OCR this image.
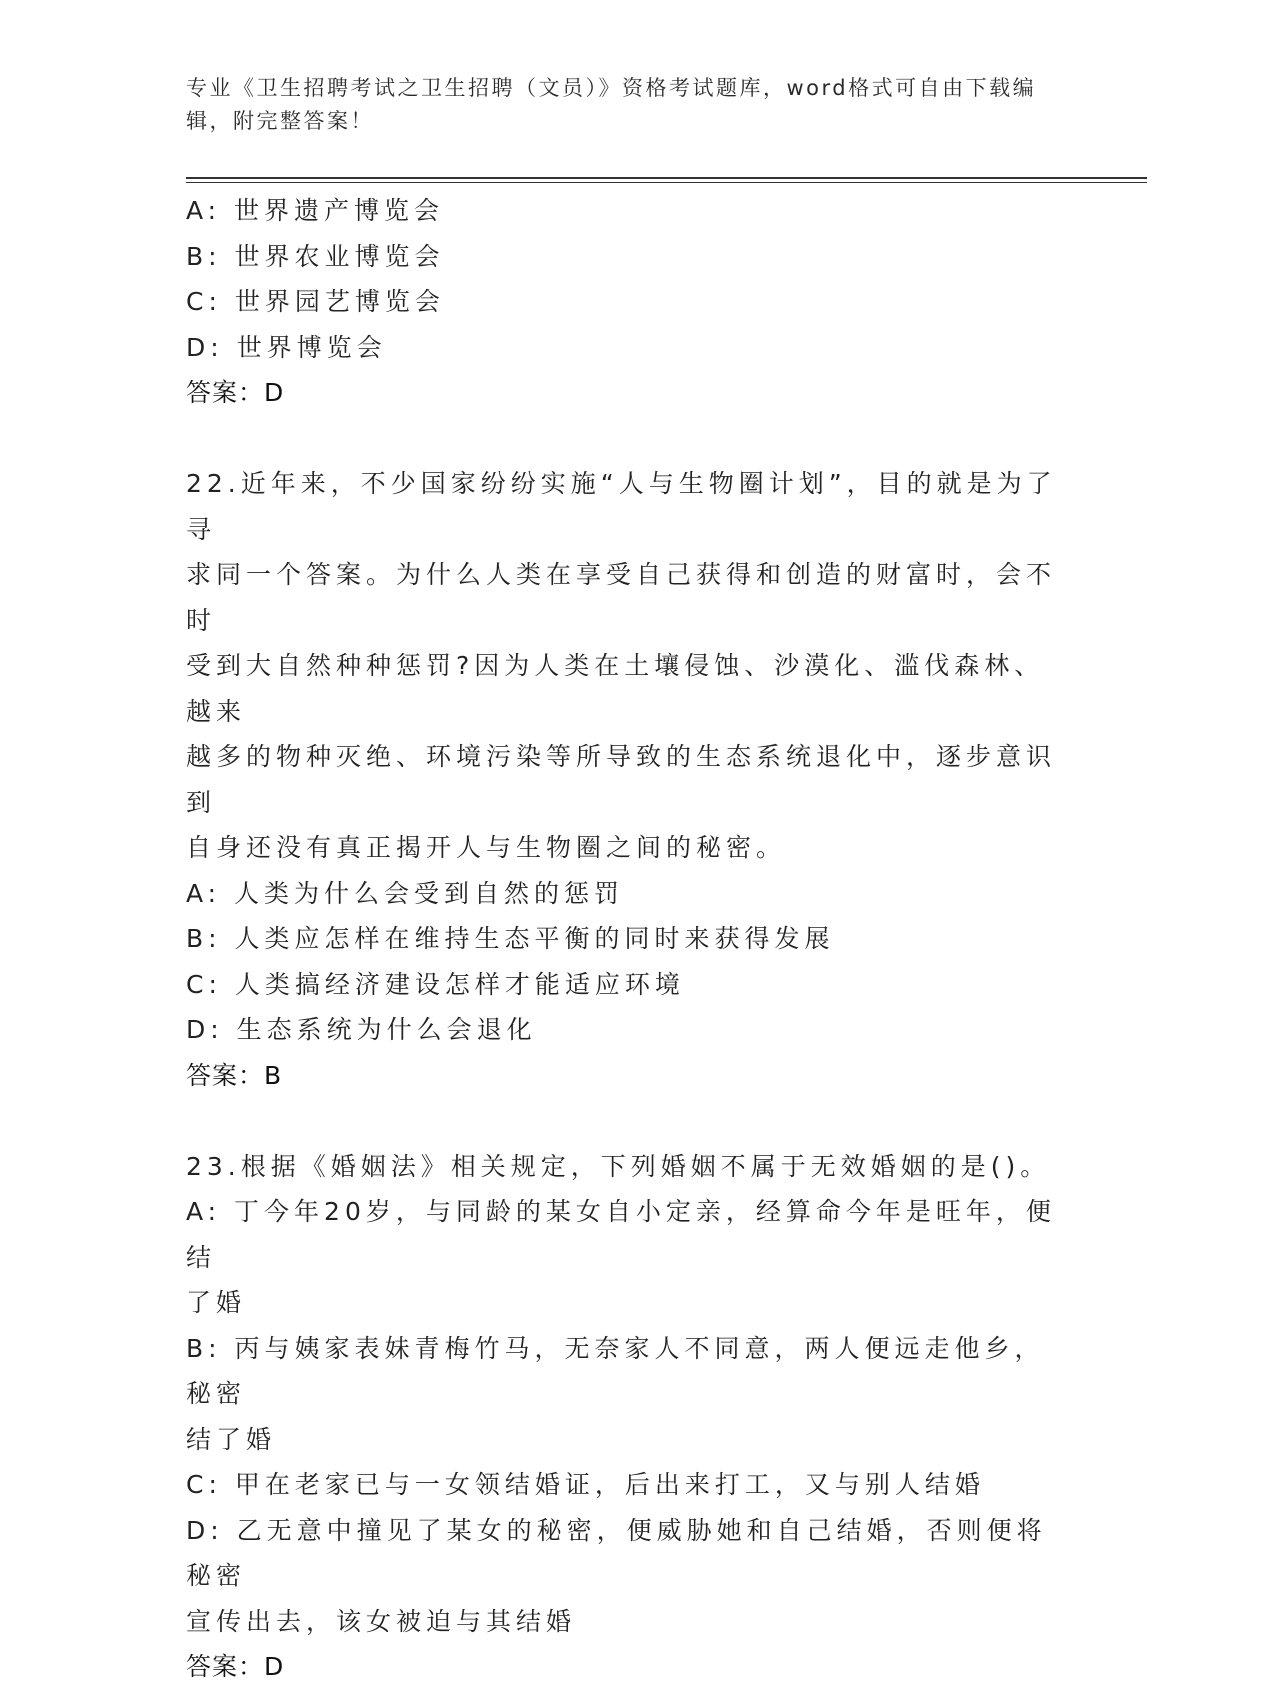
专业《卫生招聘考试之卫生招聘（文员）》资格考试题库，word格式可自由下载编辑，附完整答案！
A: 世界遗产博览会
B: 世界农业博览会
C: 世界园艺博览会
D: 世界博览会
答案：D
22.近年来，不少国家纷纷实施“人与生物圈计划”，目的就是为了寻
求同一个答案。为什么人类在享受自己获得和创造的财富时，会不时
受到大自然种种惩罚?因为人类在土壤侵蚀、沙漠化、滥伐森林、越来
越多的物种灭绝、环境污染等所导致的生态系统退化中，逐步意识到
自身还没有真正揭开人与生物圈之间的秘密。
A: 人类为什么会受到自然的惩罚
B: 人类应怎样在维持生态平衡的同时来获得发展
C: 人类搞经济建设怎样才能适应环境
D: 生态系统为什么会退化
答案：B
23.根据《婚姻法》相关规定，下列婚姻不属于无效婚姻的是()。
A: 丁今年20岁，与同龄的某女自小定亲，经算命今年是旺年，便结
了婚
B: 丙与姨家表妹青梅竹马，无奈家人不同意，两人便远走他乡，秘密
结了婚
C: 甲在老家已与一女领结婚证，后出来打工，又与别人结婚
D: 乙无意中撞见了某女的秘密，便威胁她和自己结婚，否则便将秘密
宣传出去，该女被迫与其结婚
答案：D
